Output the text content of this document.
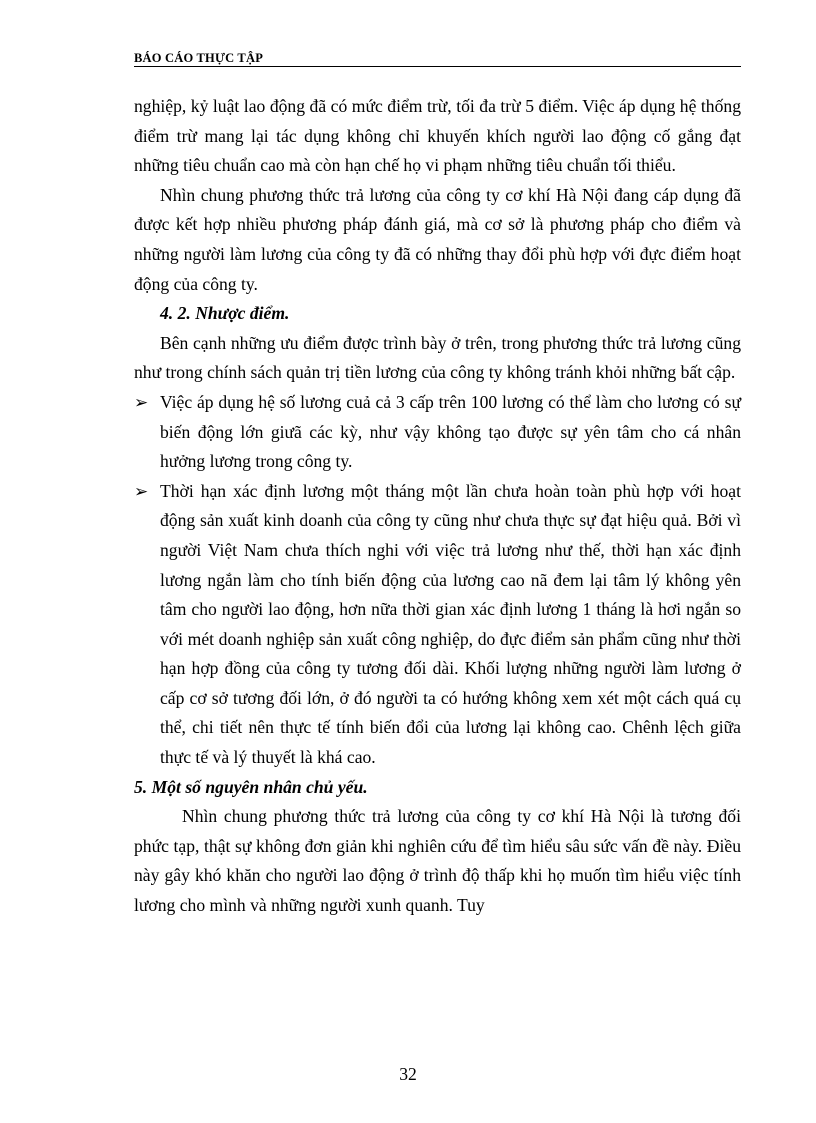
BÁO CÁO THỰC TẬP

nghiệp, kỷ luật lao động đã có mức điểm trừ, tối đa trừ 5 điểm. Việc áp dụng hệ thống điểm trừ mang lại tác dụng không chỉ khuyến khích người lao động cố gắng đạt những tiêu chuẩn cao mà còn hạn chế họ vi phạm những tiêu chuẩn tối thiểu.

Nhìn chung phương thức trả lương của công ty cơ khí Hà Nội đang cáp dụng đã được kết hợp nhiều phương pháp đánh giá, mà cơ sở là phương pháp cho điểm và những người làm lương của công ty đã có những thay đổi phù hợp với đực điểm hoạt động của công ty.

4. 2. Nhược điểm.

Bên cạnh những ưu điểm được trình bày ở trên, trong phương thức trả lương cũng như trong chính sách quản trị tiền lương của công ty không tránh khỏi những bất cập.

➢ Việc áp dụng hệ số lương cuả cả 3 cấp trên 100 lương có thể làm cho lương có sự biến động lớn giưã các kỳ, như vậy không tạo được sự yên tâm cho cá nhân hưởng lương trong công ty.

➢ Thời hạn xác định lương một tháng một lần chưa hoàn toàn phù hợp với hoạt động sản xuất kinh doanh của công ty cũng như chưa thực sự đạt hiệu quả. Bởi vì người Việt Nam chưa thích nghi với việc trả lương như thế, thời hạn xác định lương ngắn làm cho tính biến động của lương cao nã đem lại tâm lý không yên tâm cho người lao động, hơn nữa thời gian xác định lương 1 tháng là hơi ngắn so với mét doanh nghiệp sản xuất công nghiệp, do đực điểm sản phẩm cũng như thời hạn hợp đồng của công ty tương đối dài. Khối lượng những người làm lương ở cấp cơ sở tương đối lớn, ở đó người ta có hướng không xem xét một cách quá cụ thể, chi tiết nên thực tế tính biến đổi của lương lại không cao. Chênh lệch giữa thực tế và lý thuyết là khá cao.

5. Một số nguyên nhân chủ yếu.

Nhìn chung phương thức trả lương của công ty cơ khí Hà Nội là tương đối phức tạp, thật sự không đơn giản khi nghiên cứu để tìm hiểu sâu sức vấn đề này. Điều này gây khó khăn cho người lao động ở trình độ thấp khi họ muốn tìm hiểu việc tính lương cho mình và những người xunh quanh. Tuy

32
